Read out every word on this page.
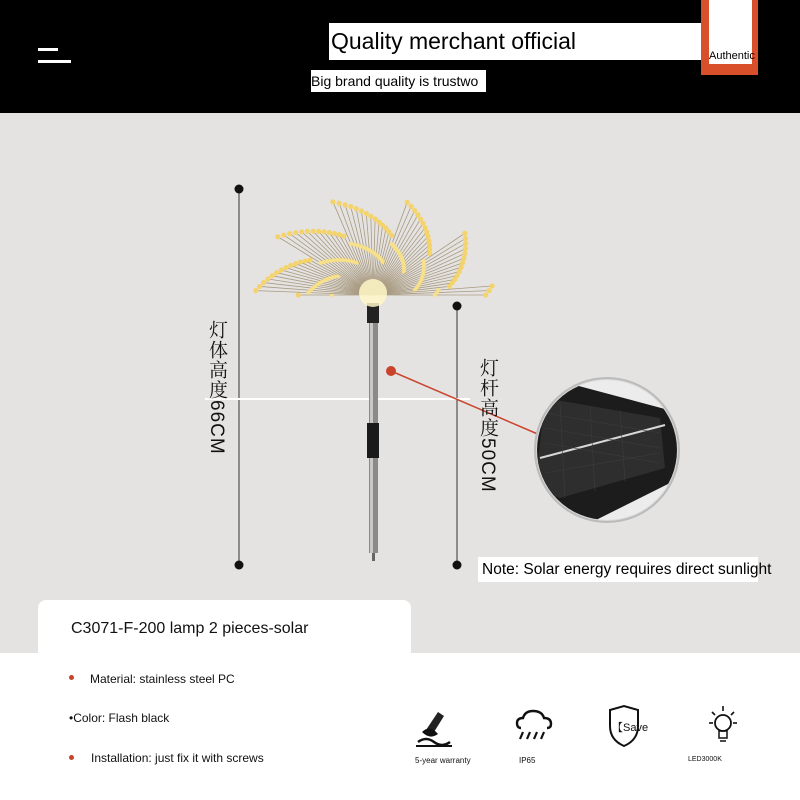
Quality merchant official
Authentic
Big brand quality is trustwo
灯体高度66CM	灯杆高度50CM
Note: Solar energy requires direct sunlight
C3071-F-200 lamp 2 pieces-solar
Material: stainless steel PC
•Color: Flash black
Installation: just fix it with screws	5-year warranty	IP65
【Save
LED3000K
